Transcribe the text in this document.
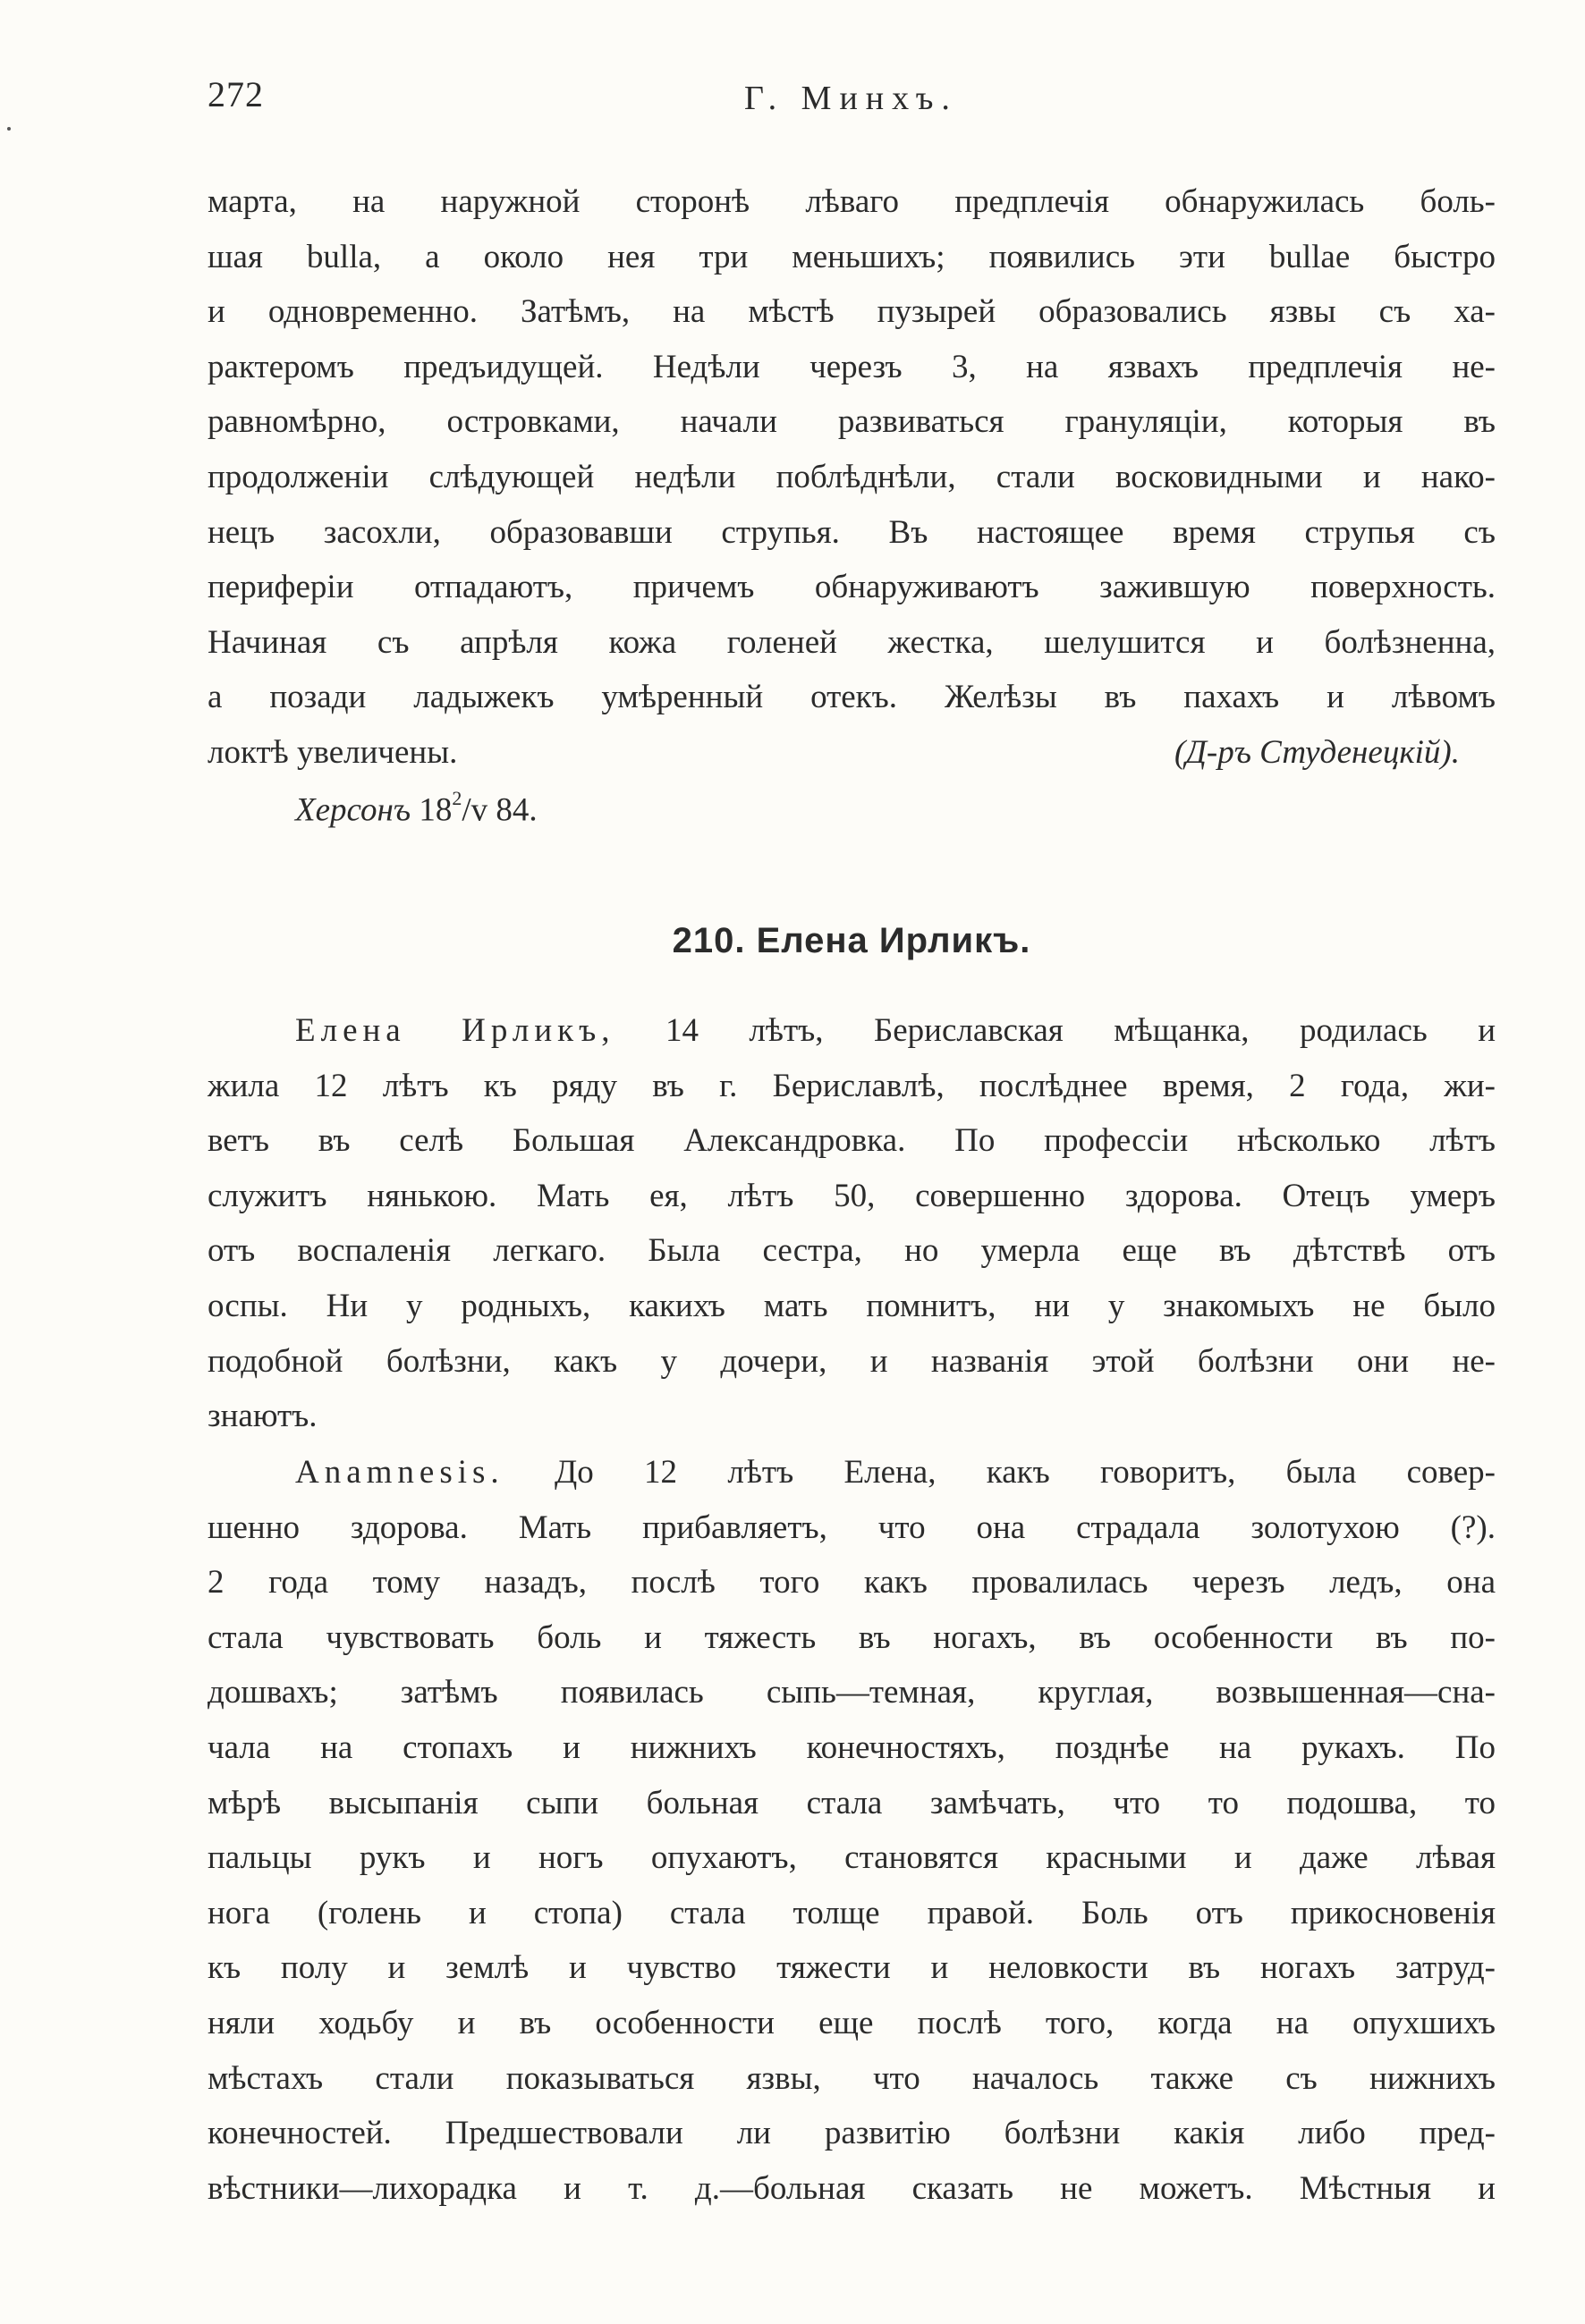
272	Г. Минхъ.
марта, на наружной сторонѣ лѣваго предплечія обнаружилась боль-
шая bulla, а около нея три меньшихъ; появились эти bullae быстро
и одновременно. Затѣмъ, на мѣстѣ пузырей образовались язвы съ ха-
рактеромъ предъидущей. Недѣли черезъ 3, на язвахъ предплечія не-
равномѣрно, островками, начали развиваться грануляціи, которыя въ
продолженіи слѣдующей недѣли поблѣднѣли, стали восковидными и нако-
нецъ засохли, образовавши струпья. Въ настоящее время струпья съ
периферіи отпадаютъ, причемъ обнаруживаютъ зажившую поверхность.
Начиная съ апрѣля кожа голеней жестка, шелушится и болѣзненна,
а позади ладыжекъ умѣренный отекъ. Желѣзы въ пахахъ и лѣвомъ
локтѣ увеличены.	(Д-ръ Студенецкій).
Херсонъ $18^2/v$ 84.
210. Елена Ирликъ.
Елена Ирликъ, 14 лѣтъ, Бериславская мѣщанка, родилась и
жила 12 лѣтъ къ ряду въ г. Бериславлѣ, послѣднее время, 2 года, жи-
ветъ въ селѣ Большая Александровка. По профессіи нѣсколько лѣтъ
служитъ нянькою. Мать ея, лѣтъ 50, совершенно здорова. Отецъ умеръ
отъ воспаленія легкаго. Была сестра, но умерла еще въ дѣтствѣ отъ
оспы. Ни у родныхъ, какихъ мать помнитъ, ни у знакомыхъ не было
подобной болѣзни, какъ у дочери, и названія этой болѣзни они не-
знаютъ.
Anamnesis. До 12 лѣтъ Елена, какъ говоритъ, была совер-
шенно здорова. Мать прибавляетъ, что она страдала золотухою (?).
2 года тому назадъ, послѣ того какъ провалилась черезъ ледъ, она
стала чувствовать боль и тяжесть въ ногахъ, въ особенности въ по-
дошвахъ; затѣмъ появилась сыпь—темная, круглая, возвышенная—сна-
чала на стопахъ и нижнихъ конечностяхъ, позднѣе на рукахъ. По
мѣрѣ высыпанія сыпи больная стала замѣчать, что то подошва, то
пальцы рукъ и ногъ опухаютъ, становятся красными и даже лѣвая
нога (голень и стопа) стала толще правой. Боль отъ прикосновенія
къ полу и землѣ и чувство тяжести и неловкости въ ногахъ затруд-
няли ходьбу и въ особенности еще послѣ того, когда на опухшихъ
мѣстахъ стали показываться язвы, что началось также съ нижнихъ
конечностей. Предшествовали ли развитію болѣзни какія либо пред-
вѣстники—лихорадка и т. д.—больная сказать не можетъ. Мѣстныя и
